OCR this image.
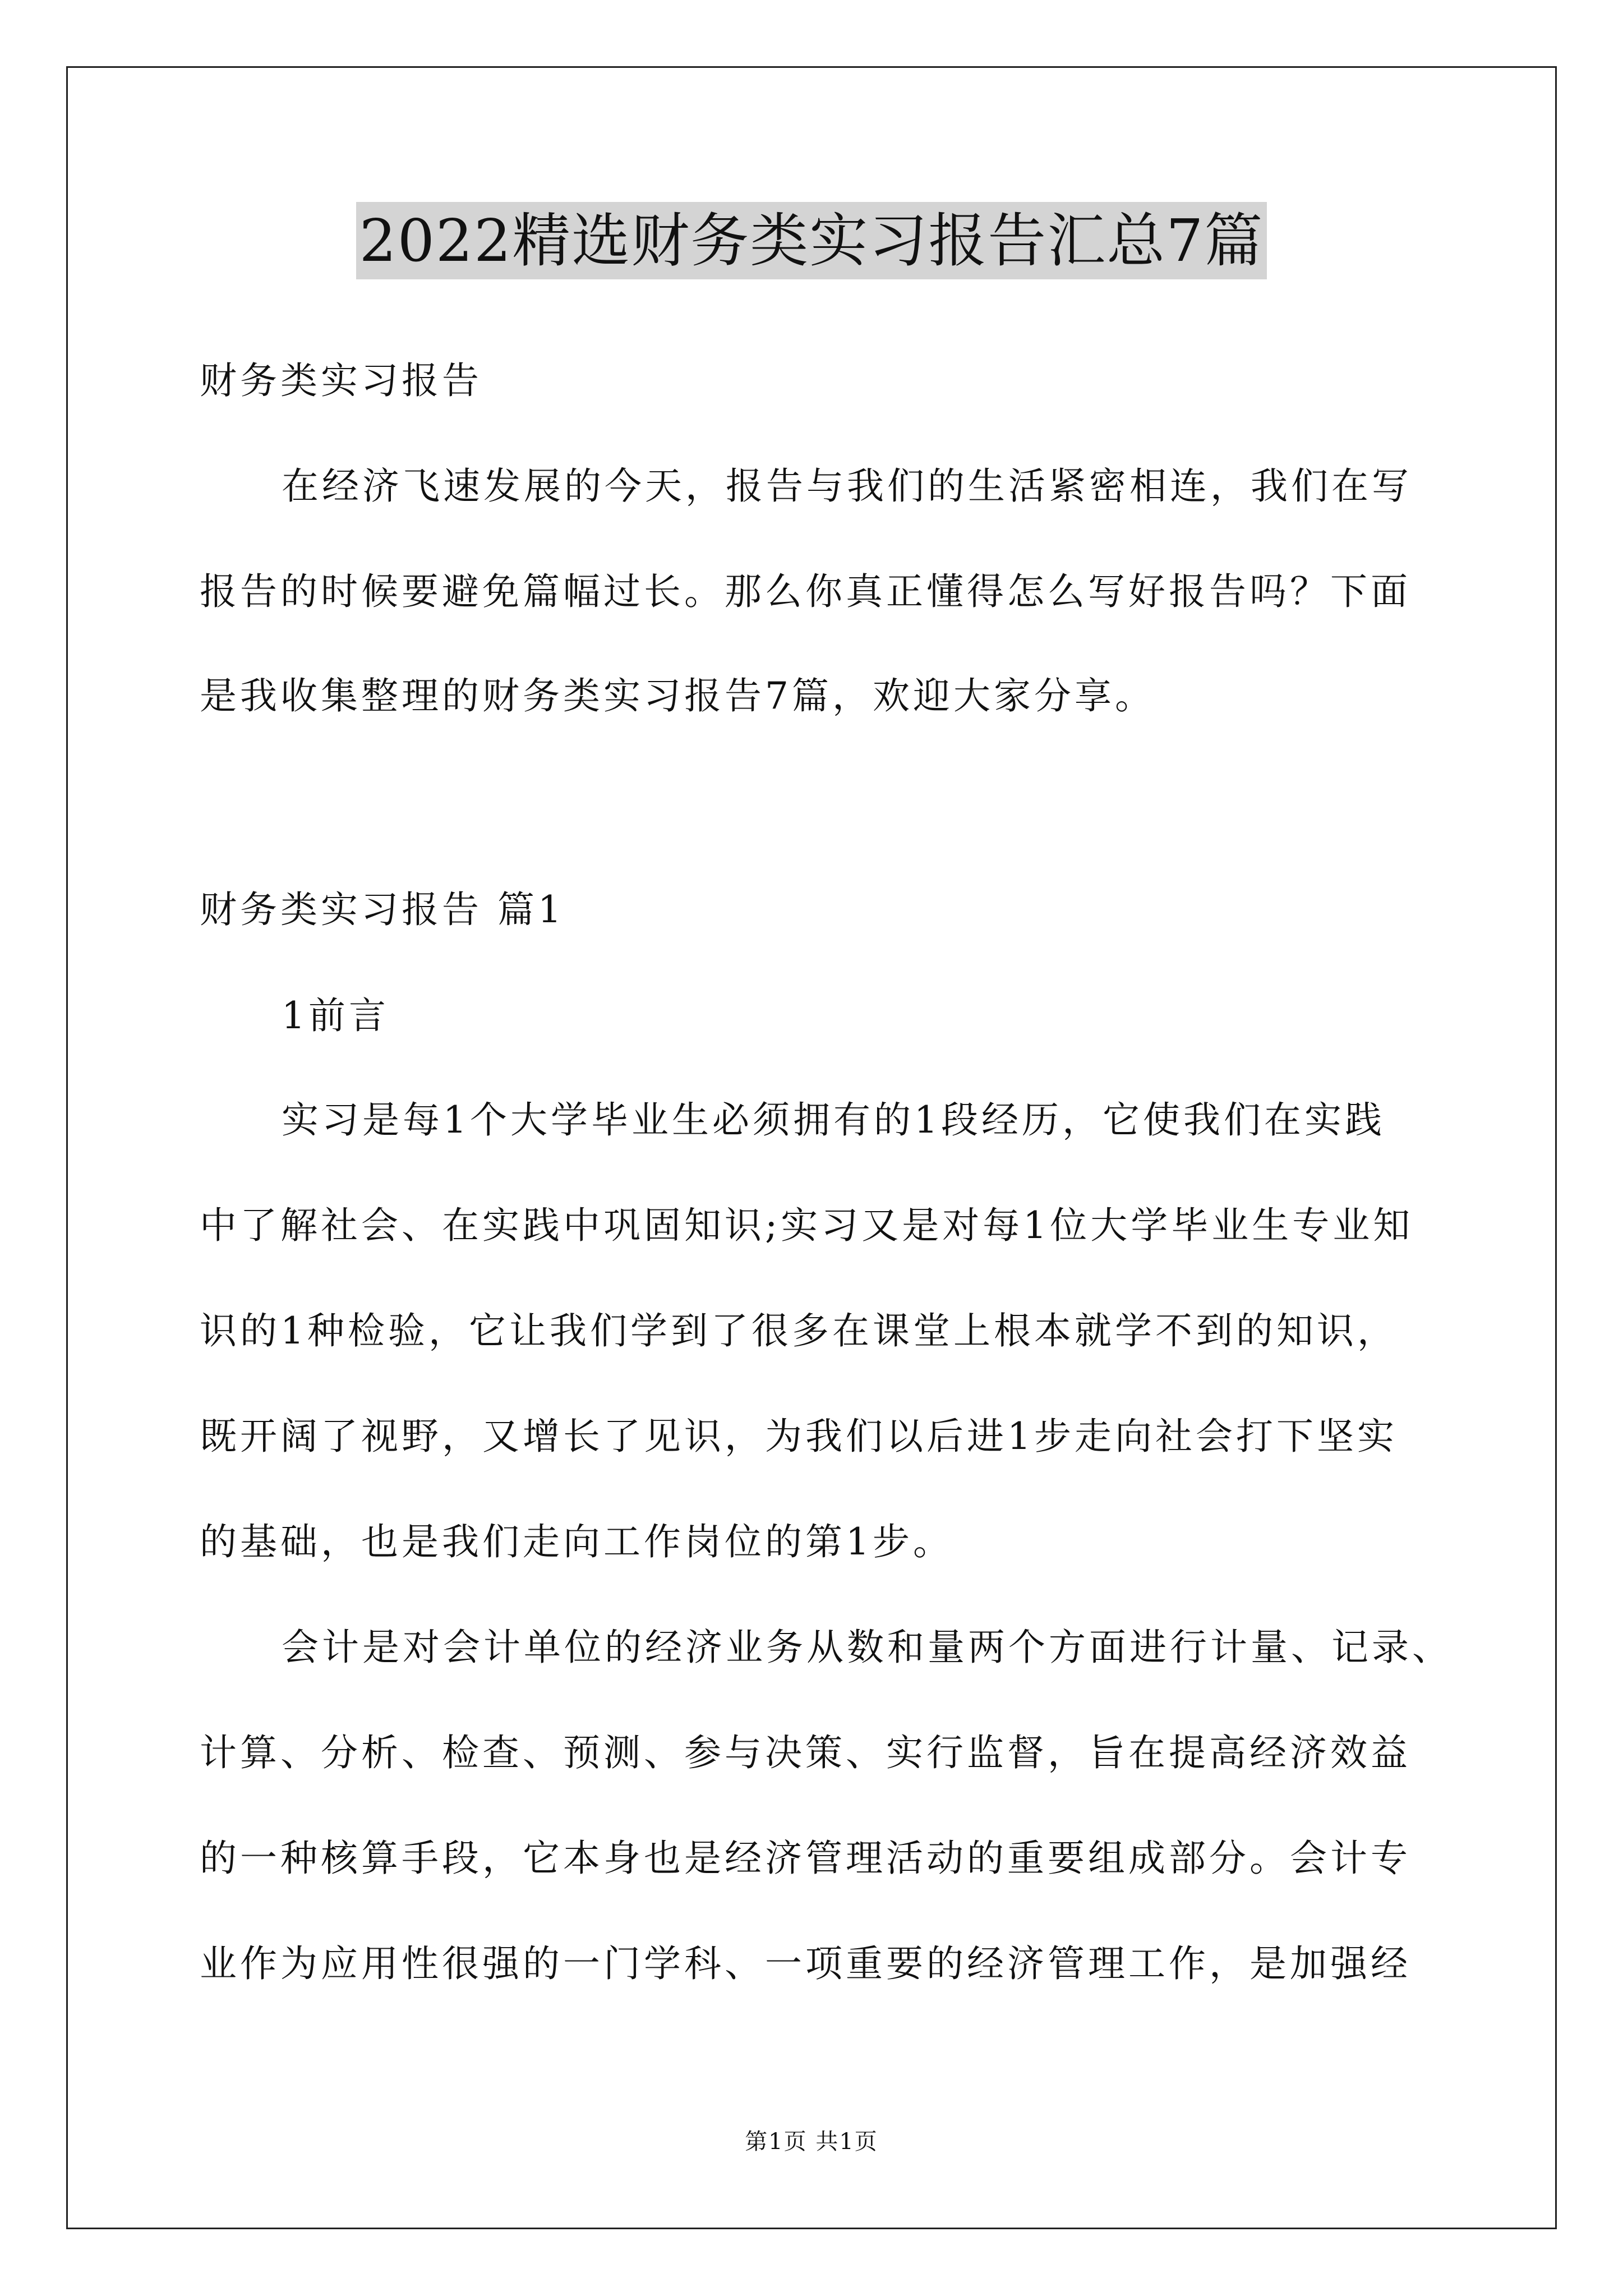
2022精选财务类实习报告汇总7篇
财务类实习报告
在经济飞速发展的今天，报告与我们的生活紧密相连，我们在写
报告的时候要避免篇幅过长。那么你真正懂得怎么写好报告吗？下面
是我收集整理的财务类实习报告7篇，欢迎大家分享。
财务类实习报告 篇1
1前言
实习是每1个大学毕业生必须拥有的1段经历，它使我们在实践
中了解社会、在实践中巩固知识;实习又是对每1位大学毕业生专业知
识的1种检验，它让我们学到了很多在课堂上根本就学不到的知识，
既开阔了视野，又增长了见识，为我们以后进1步走向社会打下坚实
的基础，也是我们走向工作岗位的第1步。
会计是对会计单位的经济业务从数和量两个方面进行计量、记录、
计算、分析、检查、预测、参与决策、实行监督，旨在提高经济效益
的一种核算手段，它本身也是经济管理活动的重要组成部分。会计专
业作为应用性很强的一门学科、一项重要的经济管理工作，是加强经
第1页 共1页
